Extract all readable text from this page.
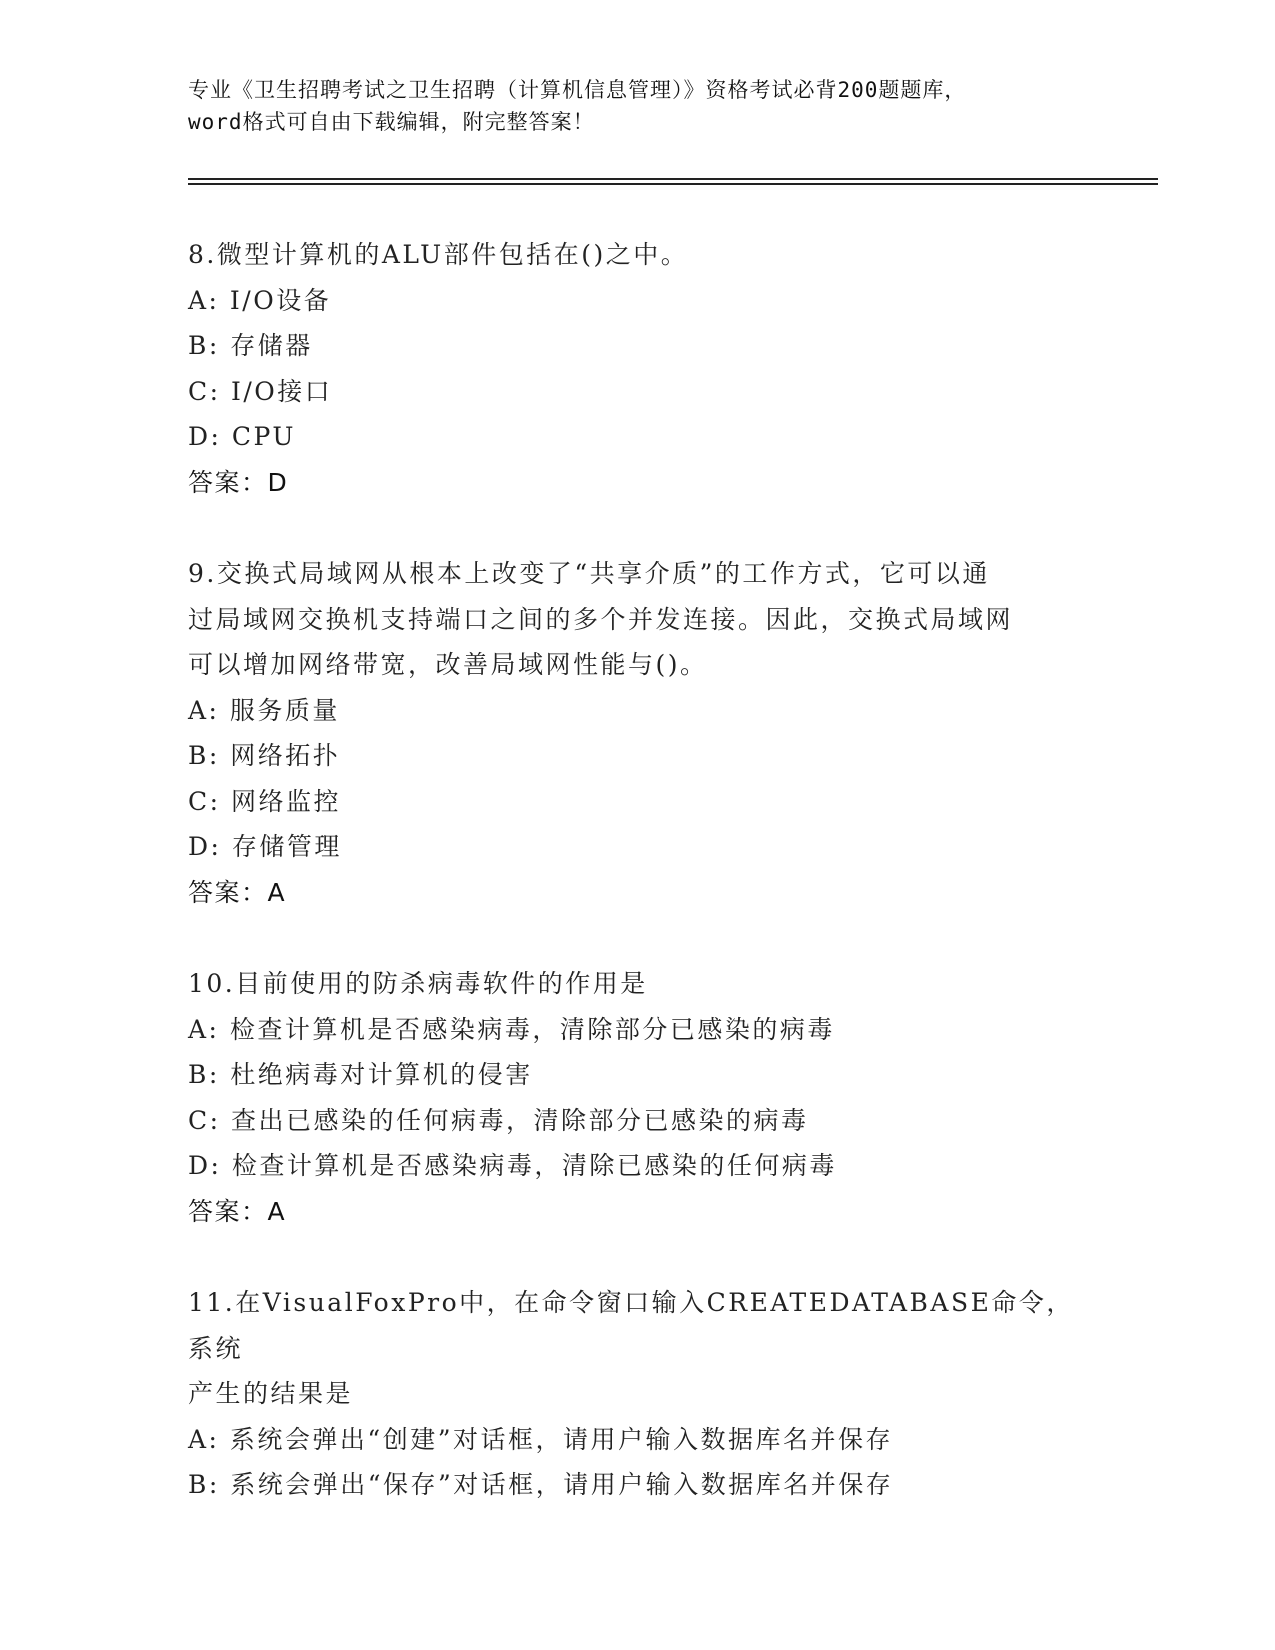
专业《卫生招聘考试之卫生招聘（计算机信息管理）》资格考试必背200题题库，
word格式可自由下载编辑，附完整答案！
8.微型计算机的ALU部件包括在()之中。
A: I/O设备
B: 存储器
C: I/O接口
D: CPU
答案：D
9.交换式局域网从根本上改变了“共享介质”的工作方式，它可以通
过局域网交换机支持端口之间的多个并发连接。因此，交换式局域网
可以增加网络带宽，改善局域网性能与()。
A: 服务质量
B: 网络拓扑
C: 网络监控
D: 存储管理
答案：A
10.目前使用的防杀病毒软件的作用是
A: 检查计算机是否感染病毒，清除部分已感染的病毒
B: 杜绝病毒对计算机的侵害
C: 查出已感染的任何病毒，清除部分已感染的病毒
D: 检查计算机是否感染病毒，清除已感染的任何病毒
答案：A
11.在VisualFoxPro中，在命令窗口输入CREATEDATABASE命令，系统
产生的结果是
A: 系统会弹出“创建”对话框，请用户输入数据库名并保存
B: 系统会弹出“保存”对话框，请用户输入数据库名并保存
